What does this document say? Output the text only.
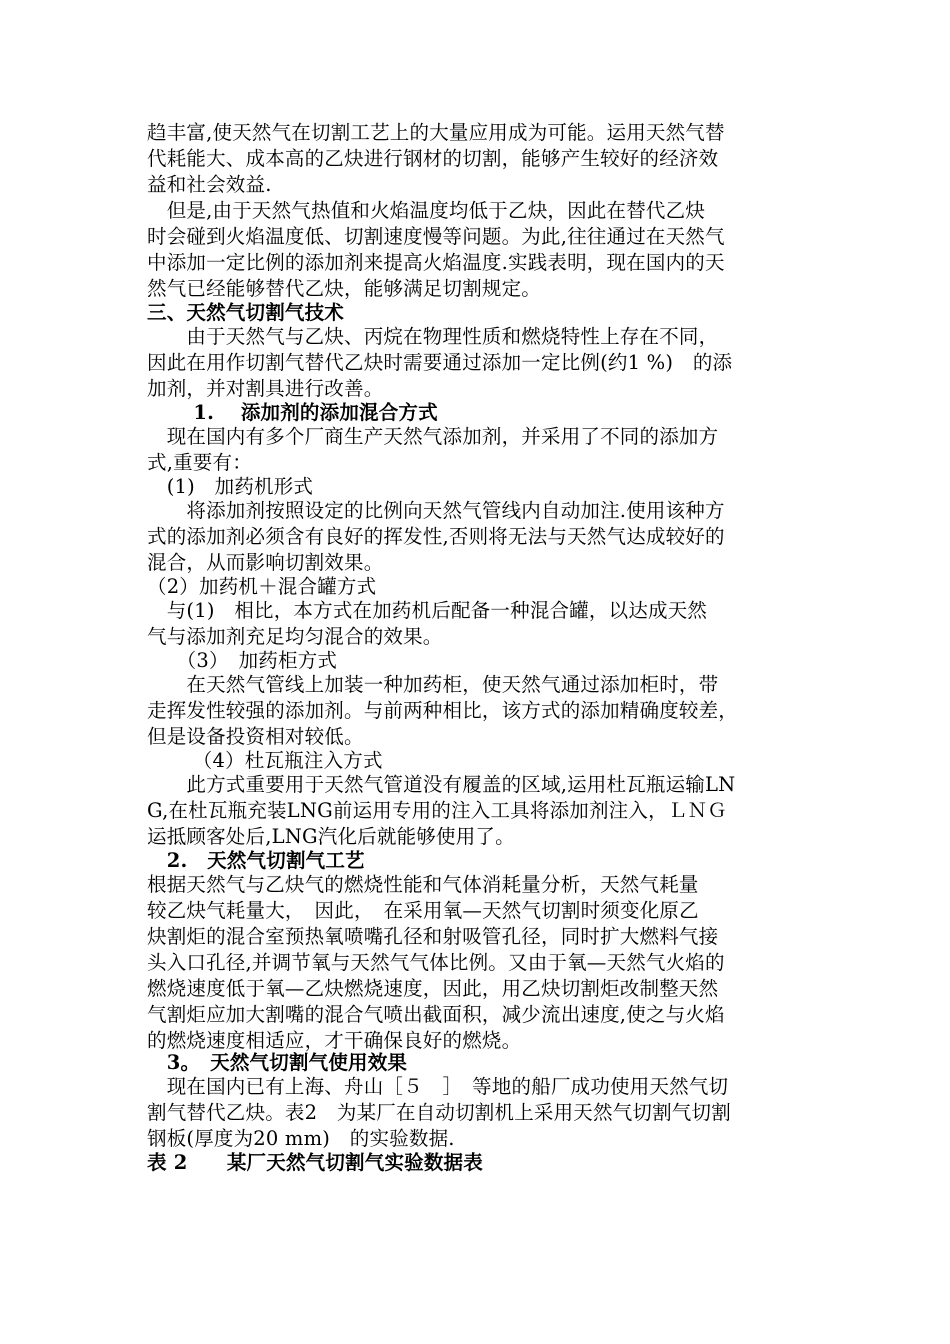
趋丰富,使天然气在切割工艺上的大量应用成为可能。运用天然气替
代耗能大、成本高的乙炔进行钢材的切割，能够产生较好的经济效
益和社会效益.
　但是,由于天然气热值和火焰温度均低于乙炔，因此在替代乙炔
时会碰到火焰温度低、切割速度慢等问题。为此,往往通过在天然气
中添加一定比例的添加剂来提高火焰温度.实践表明，现在国内的天
然气已经能够替代乙炔，能够满足切割规定。
三、天然气切割气技术
　　由于天然气与乙炔、丙烷在物理性质和燃烧特性上存在不同，
因此在用作切割气替代乙炔时需要通过添加一定比例(约1 %)　的添
加剂，并对割具进行改善。
　　 1.　 添加剂的添加混合方式
　现在国内有多个厂商生产天然气添加剂，并采用了不同的添加方
式,重要有：
　(1)　加药机形式
　　将添加剂按照设定的比例向天然气管线内自动加注.使用该种方
式的添加剂必须含有良好的挥发性,否则将无法与天然气达成较好的
混合，从而影响切割效果。
（2）加药机＋混合罐方式
　与(1)　相比，本方式在加药机后配备一种混合罐，以达成天然
气与添加剂充足均匀混合的效果。
　　（3）　加药柜方式
　　在天然气管线上加装一种加药柜，使天然气通过添加柜时，带
走挥发性较强的添加剂。与前两种相比，该方式的添加精确度较差，
但是设备投资相对较低。
　　 （4）杜瓦瓶注入方式
　　此方式重要用于天然气管道没有履盖的区域,运用杜瓦瓶运输LN
G,在杜瓦瓶充装LNG前运用专用的注入工具将添加剂注入，ＬＮＧ
运抵顾客处后,LNG汽化后就能够使用了。
　2.　天然气切割气工艺
根据天然气与乙炔气的燃烧性能和气体消耗量分析，天然气耗量
较乙炔气耗量大，　因此，　在采用氧—天然气切割时须变化原乙
炔割炬的混合室预热氧喷嘴孔径和射吸管孔径，同时扩大燃料气接
头入口孔径,并调节氧与天然气气体比例。又由于氧—天然气火焰的
燃烧速度低于氧—乙炔燃烧速度，因此，用乙炔切割炬改制整天然
气割炬应加大割嘴的混合气喷出截面积，减少流出速度,使之与火焰
的燃烧速度相适应，才干确保良好的燃烧。
　3。　天然气切割气使用效果
　现在国内已有上海、舟山［５　］　等地的船厂成功使用天然气切
割气替代乙炔。表2　为某厂在自动切割机上采用天然气切割气切割
钢板(厚度为20 mm)　的实验数据.
表 2　　某厂天然气切割气实验数据表
